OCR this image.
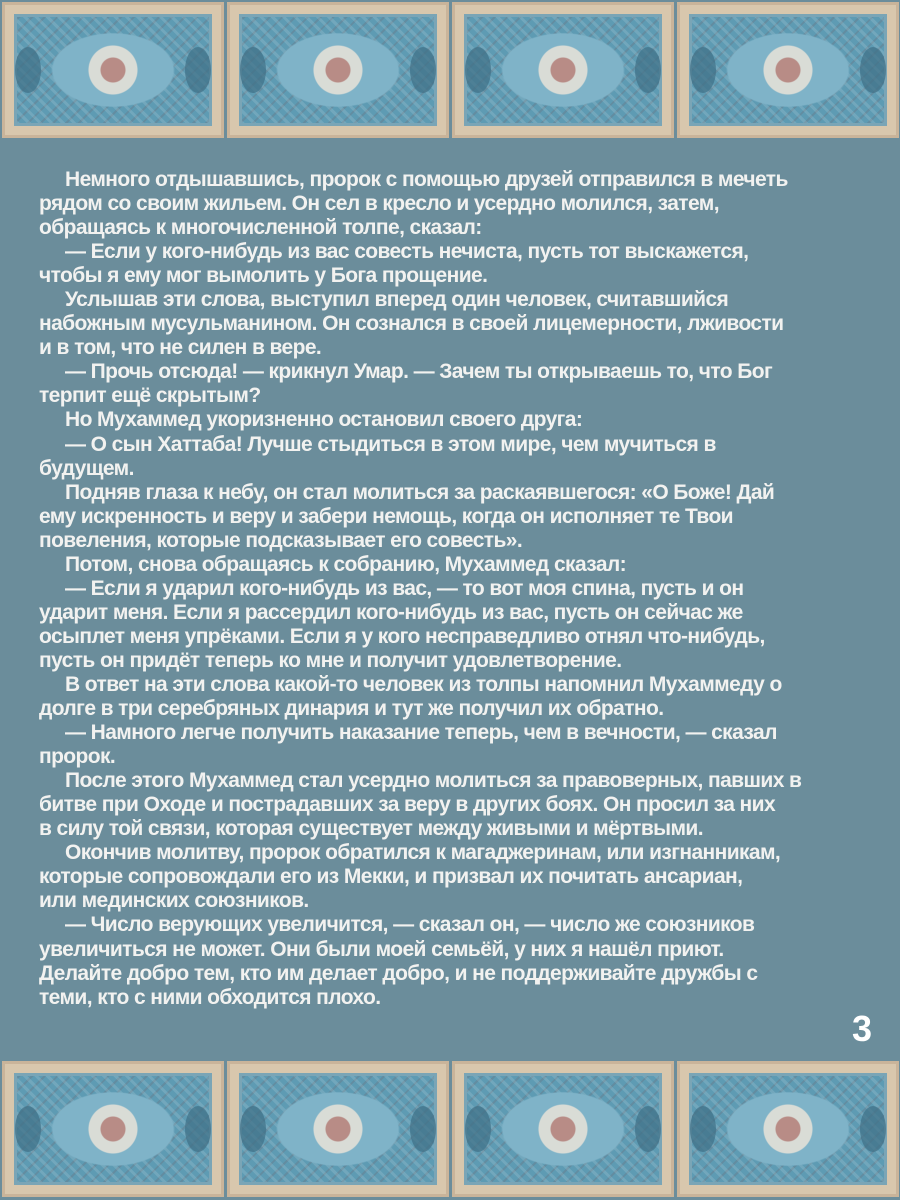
Немного отдышавшись, пророк с помощью друзей отправился в мечеть
рядом со своим жильем. Он сел в кресло и усердно молился, затем,
обращаясь к многочисленной толпе, сказал:
— Если у кого-нибудь из вас совесть нечиста, пусть тот выскажется,
чтобы я ему мог вымолить у Бога прощение.
Услышав эти слова, выступил вперед один человек, считавшийся
набожным мусульманином. Он сознался в своей лицемерности, лживости
и в том, что не силен в вере.
— Прочь отсюда! — крикнул Умар. — Зачем ты открываешь то, что Бог
терпит ещё скрытым?
Но Мухаммед укоризненно остановил своего друга:
— О сын Хаттаба! Лучше стыдиться в этом мире, чем мучиться в
будущем.
Подняв глаза к небу, он стал молиться за раскаявшегося: «О Боже! Дай
ему искренность и веру и забери немощь, когда он исполняет те Твои
повеления, которые подсказывает его совесть».
Потом, снова обращаясь к собранию, Мухаммед сказал:
— Если я ударил кого-нибудь из вас, — то вот моя спина, пусть и он
ударит меня. Если я рассердил кого-нибудь из вас, пусть он сейчас же
осыплет меня упрёками. Если я у кого несправедливо отнял что-нибудь,
пусть он придёт теперь ко мне и получит удовлетворение.
В ответ на эти слова какой-то человек из толпы напомнил Мухаммеду о
долге в три серебряных динария и тут же получил их обратно.
— Намного легче получить наказание теперь, чем в вечности, — сказал
пророк.
После этого Мухаммед стал усердно молиться за правоверных, павших в
битве при Оходе и пострадавших за веру в других боях. Он просил за них
в силу той связи, которая существует между живыми и мёртвыми.
Окончив молитву, пророк обратился к магаджеринам, или изгнанникам,
которые сопровождали его из Мекки, и призвал их почитать ансариан,
или мединских союзников.
— Число верующих увеличится, — сказал он, — число же союзников
увеличиться не может. Они были моей семьёй, у них я нашёл приют.
Делайте добро тем, кто им делает добро, и не поддерживайте дружбы с
теми, кто с ними обходится плохо.
3
